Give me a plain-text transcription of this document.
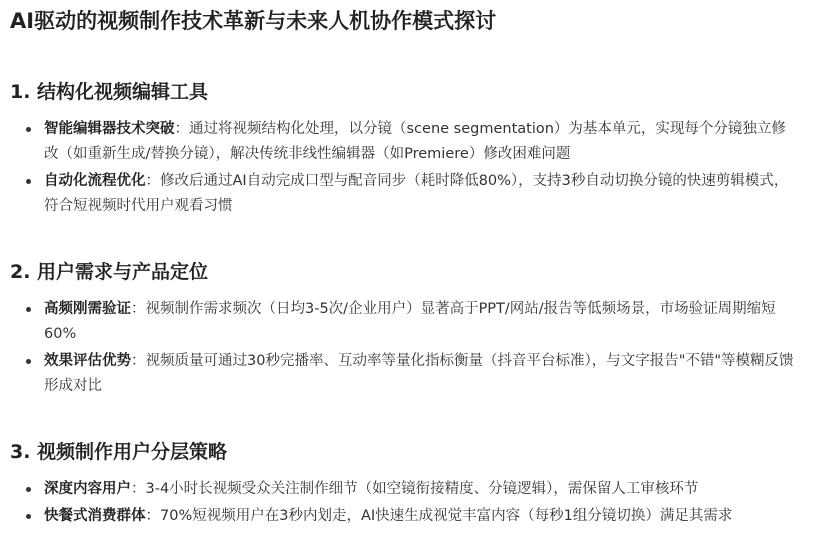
AI驱动的视频制作技术革新与未来人机协作模式探讨
1. 结构化视频编辑工具
智能编辑器技术突破：通过将视频结构化处理，以分镜（scene segmentation）为基本单元，实现每个分镜独立修改（如重新生成/替换分镜），解决传统非线性编辑器（如Premiere）修改困难问题
自动化流程优化：修改后通过AI自动完成口型与配音同步（耗时降低80%），支持3秒自动切换分镜的快速剪辑模式，符合短视频时代用户观看习惯
2. 用户需求与产品定位
高频刚需验证：视频制作需求频次（日均3-5次/企业用户）显著高于PPT/网站/报告等低频场景，市场验证周期缩短60%
效果评估优势：视频质量可通过30秒完播率、互动率等量化指标衡量（抖音平台标准），与文字报告"不错"等模糊反馈形成对比
3. 视频制作用户分层策略
深度内容用户：3-4小时长视频受众关注制作细节（如空镜衔接精度、分镜逻辑），需保留人工审核环节
快餐式消费群体：70%短视频用户在3秒内划走，AI快速生成视觉丰富内容（每秒1组分镜切换）满足其需求
